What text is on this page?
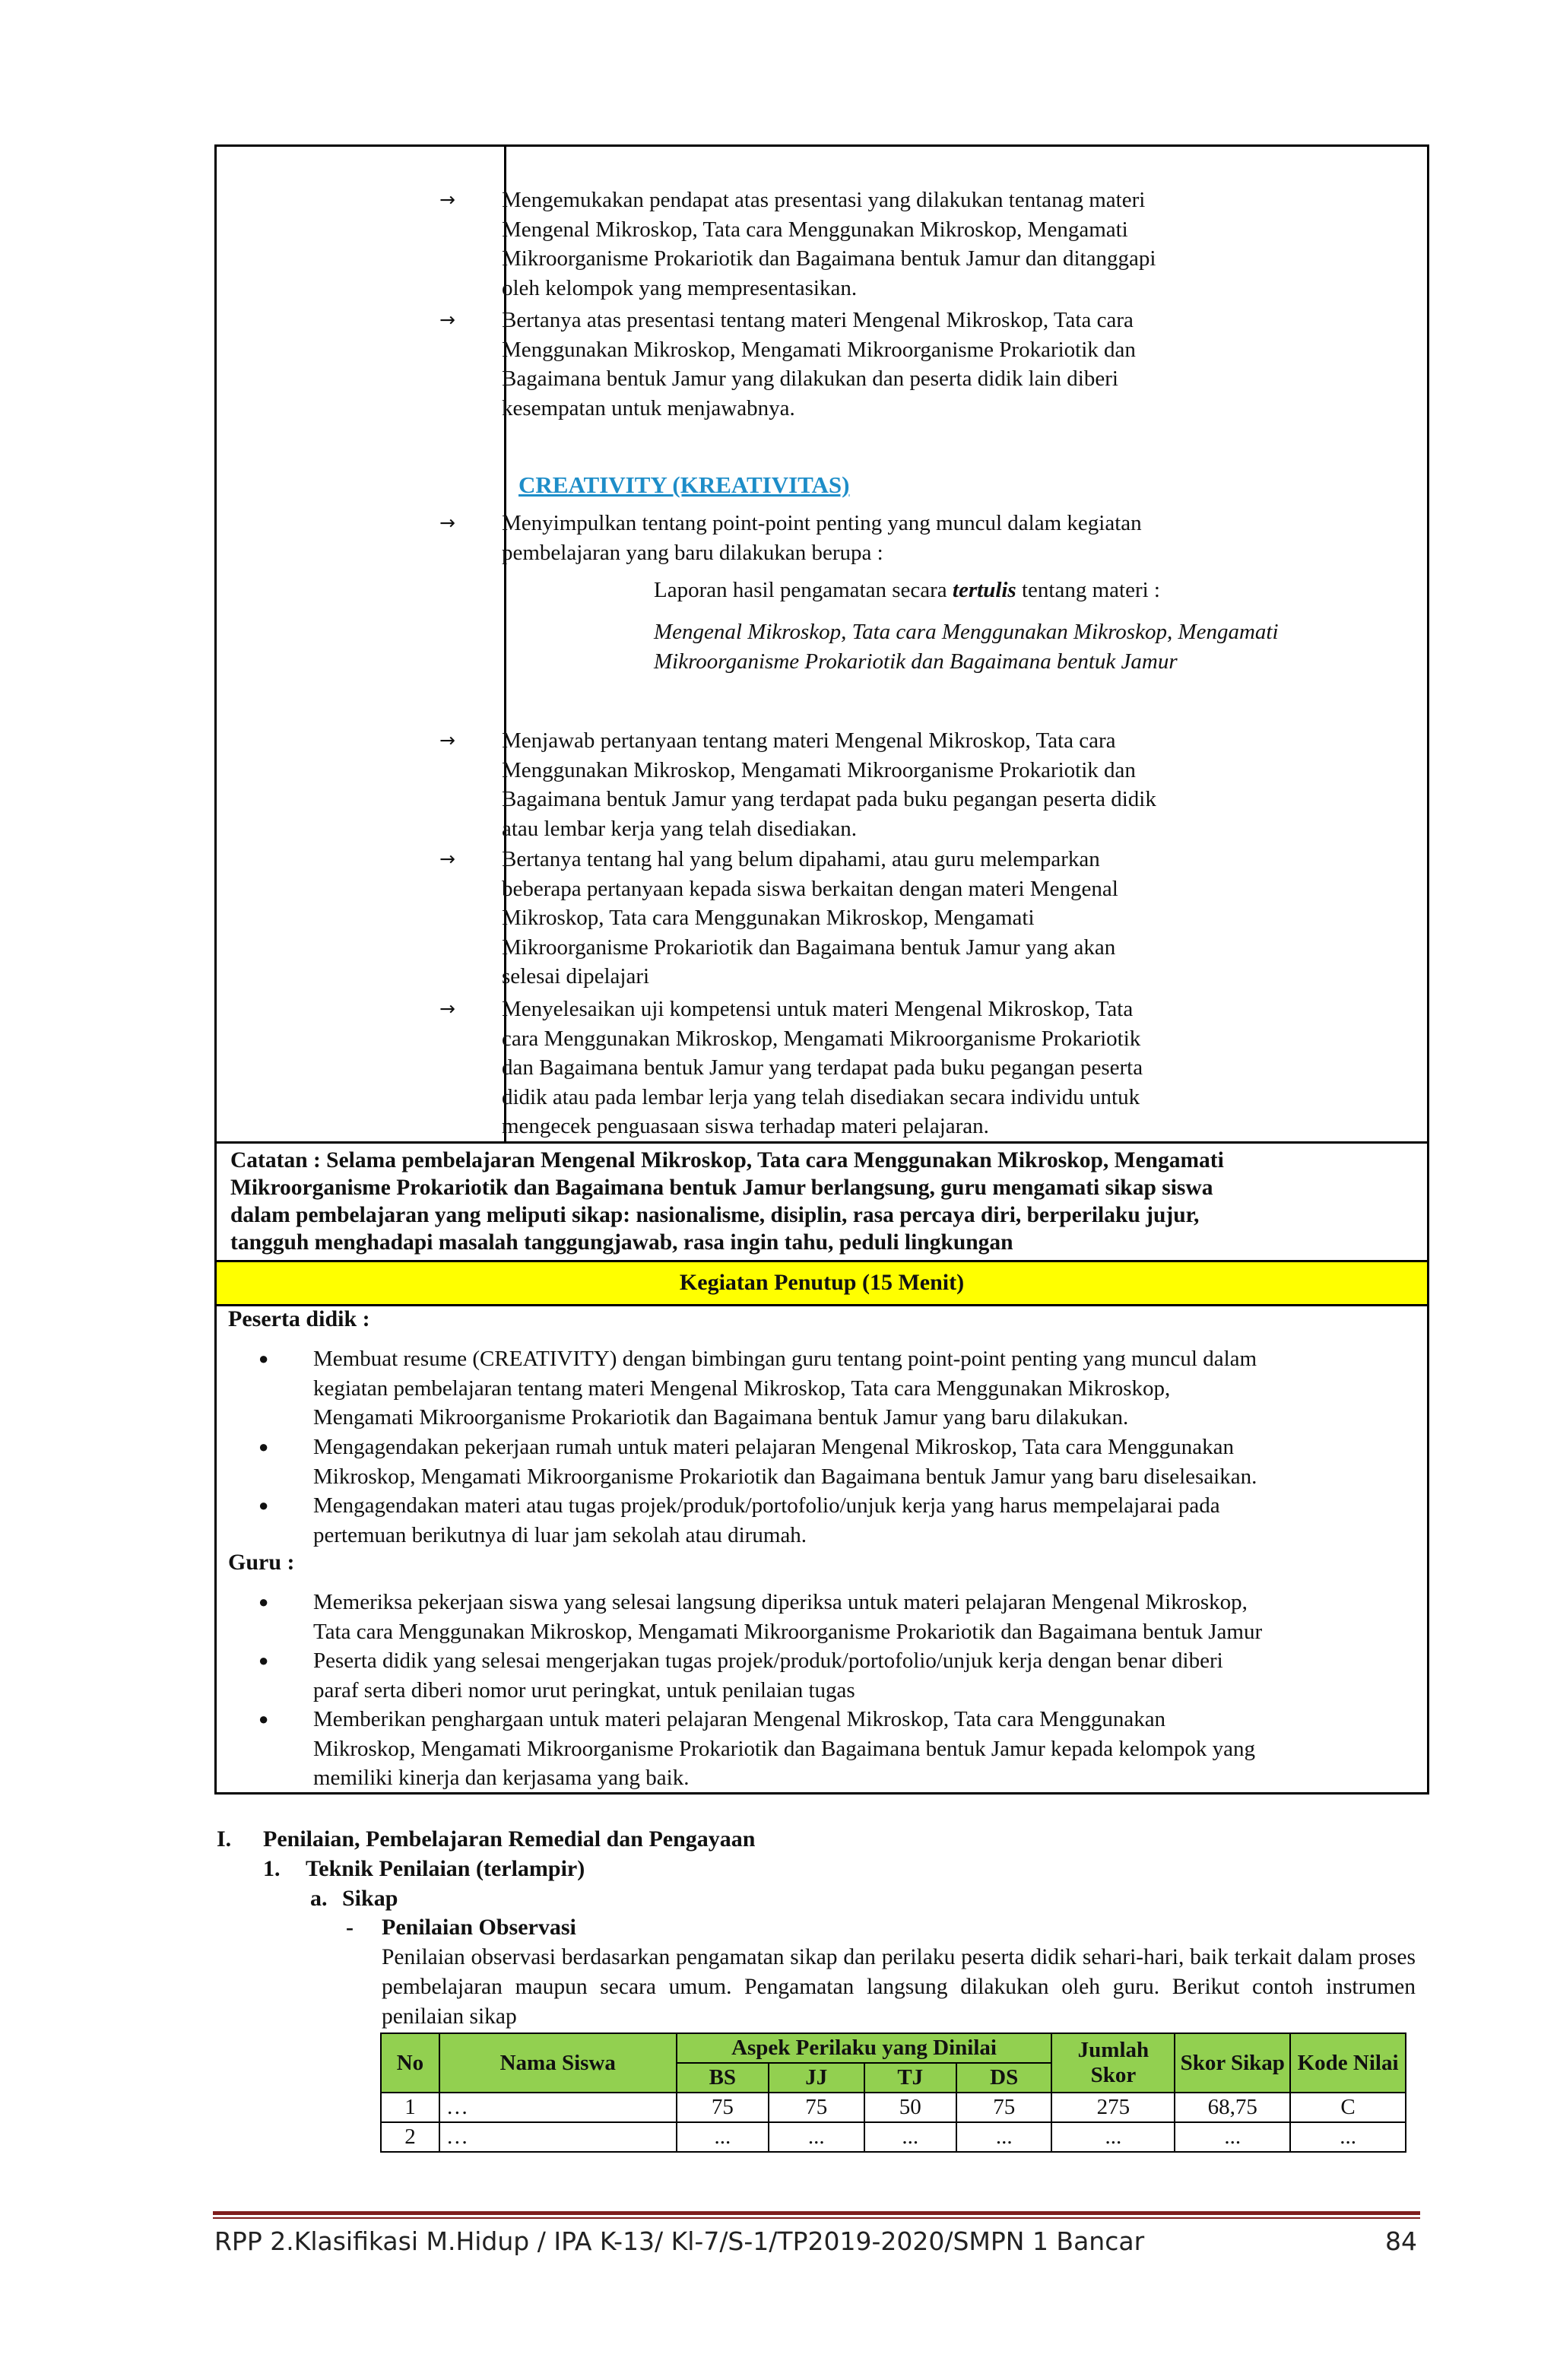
→	Mengemukakan pendapat atas presentasi yang dilakukan tentanag materi

Mengenal Mikroskop, Tata cara Menggunakan Mikroskop, Mengamati

Mikroorganisme Prokariotik dan Bagaimana bentuk Jamur dan ditanggapi

oleh kelompok yang mempresentasikan.

→	Bertanya atas presentasi tentang materi Mengenal Mikroskop, Tata cara

Menggunakan Mikroskop, Mengamati Mikroorganisme Prokariotik dan

Bagaimana bentuk Jamur yang dilakukan dan peserta didik lain diberi

kesempatan untuk menjawabnya.

CREATIVITY (KREATIVITAS)
→	Menyimpulkan tentang point-point penting yang muncul dalam kegiatan

pembelajaran yang baru dilakukan berupa :

Laporan hasil pengamatan secara tertulis tentang materi :

Mengenal Mikroskop, Tata cara Menggunakan Mikroskop, Mengamati

Mikroorganisme Prokariotik dan Bagaimana bentuk Jamur

→	Menjawab pertanyaan tentang materi Mengenal Mikroskop, Tata cara

Menggunakan Mikroskop, Mengamati Mikroorganisme Prokariotik dan

Bagaimana bentuk Jamur yang terdapat pada buku pegangan peserta didik

atau lembar kerja yang telah disediakan.

→	Bertanya tentang hal yang belum dipahami, atau guru melemparkan

beberapa pertanyaan kepada siswa berkaitan dengan materi Mengenal

Mikroskop, Tata cara Menggunakan Mikroskop, Mengamati

Mikroorganisme Prokariotik dan Bagaimana bentuk Jamur yang akan

selesai dipelajari

→	Menyelesaikan uji kompetensi untuk materi Mengenal Mikroskop, Tata

cara Menggunakan Mikroskop, Mengamati Mikroorganisme Prokariotik

dan Bagaimana bentuk Jamur yang terdapat pada buku pegangan peserta

didik atau pada lembar lerja yang telah disediakan secara individu untuk

mengecek penguasaan siswa terhadap materi pelajaran.

Catatan : Selama pembelajaran Mengenal Mikroskop, Tata cara Menggunakan Mikroskop, Mengamati

Mikroorganisme Prokariotik dan Bagaimana bentuk Jamur berlangsung, guru mengamati sikap siswa

dalam pembelajaran yang meliputi sikap: nasionalisme, disiplin, rasa percaya diri, berperilaku jujur,

tangguh menghadapi masalah tanggungjawab, rasa ingin tahu, peduli lingkungan

Kegiatan Penutup (15 Menit)
Peserta didik :
●	Membuat resume (CREATIVITY) dengan bimbingan guru tentang point-point penting yang muncul dalam

kegiatan pembelajaran tentang materi Mengenal Mikroskop, Tata cara Menggunakan Mikroskop,

Mengamati Mikroorganisme Prokariotik dan Bagaimana bentuk Jamur yang baru dilakukan.

●	Mengagendakan pekerjaan rumah untuk materi pelajaran Mengenal Mikroskop, Tata cara Menggunakan

Mikroskop, Mengamati Mikroorganisme Prokariotik dan Bagaimana bentuk Jamur yang baru diselesaikan.

●	Mengagendakan materi atau tugas projek/produk/portofolio/unjuk kerja yang harus mempelajarai pada

pertemuan berikutnya di luar jam sekolah atau dirumah.

Guru :
●	Memeriksa pekerjaan siswa yang selesai langsung diperiksa untuk materi pelajaran Mengenal Mikroskop,

Tata cara Menggunakan Mikroskop, Mengamati Mikroorganisme Prokariotik dan Bagaimana bentuk Jamur

●	Peserta didik yang selesai mengerjakan tugas projek/produk/portofolio/unjuk kerja dengan benar diberi

paraf serta diberi nomor urut peringkat, untuk penilaian tugas

●	Memberikan penghargaan untuk materi pelajaran Mengenal Mikroskop, Tata cara Menggunakan

Mikroskop, Mengamati Mikroorganisme Prokariotik dan Bagaimana bentuk Jamur kepada kelompok yang

memiliki kinerja dan kerjasama yang baik.

I. Penilaian, Pembelajaran Remedial dan Pengayaan
1. Teknik Penilaian (terlampir)
a. Sikap
- Penilaian Observasi
Penilaian observasi berdasarkan pengamatan sikap dan perilaku peserta didik sehari-hari, baik terkait dalam proses pembelajaran maupun secara umum. Pengamatan langsung dilakukan oleh guru. Berikut contoh instrumen penilaian sikap
No	Nama Siswa	Aspek Perilaku yang Dinilai				Jumlah Skor	Skor Sikap	Kode Nilai
		BS	JJ	TJ	DS			
1	…	75	75	50	75	275	68,75	C
2	…	...	...	...	...	...	...	...
RPP 2.Klasifikasi M.Hidup / IPA K-13/ Kl-7/S-1/TP2019-2020/SMPN 1 Bancar	84
